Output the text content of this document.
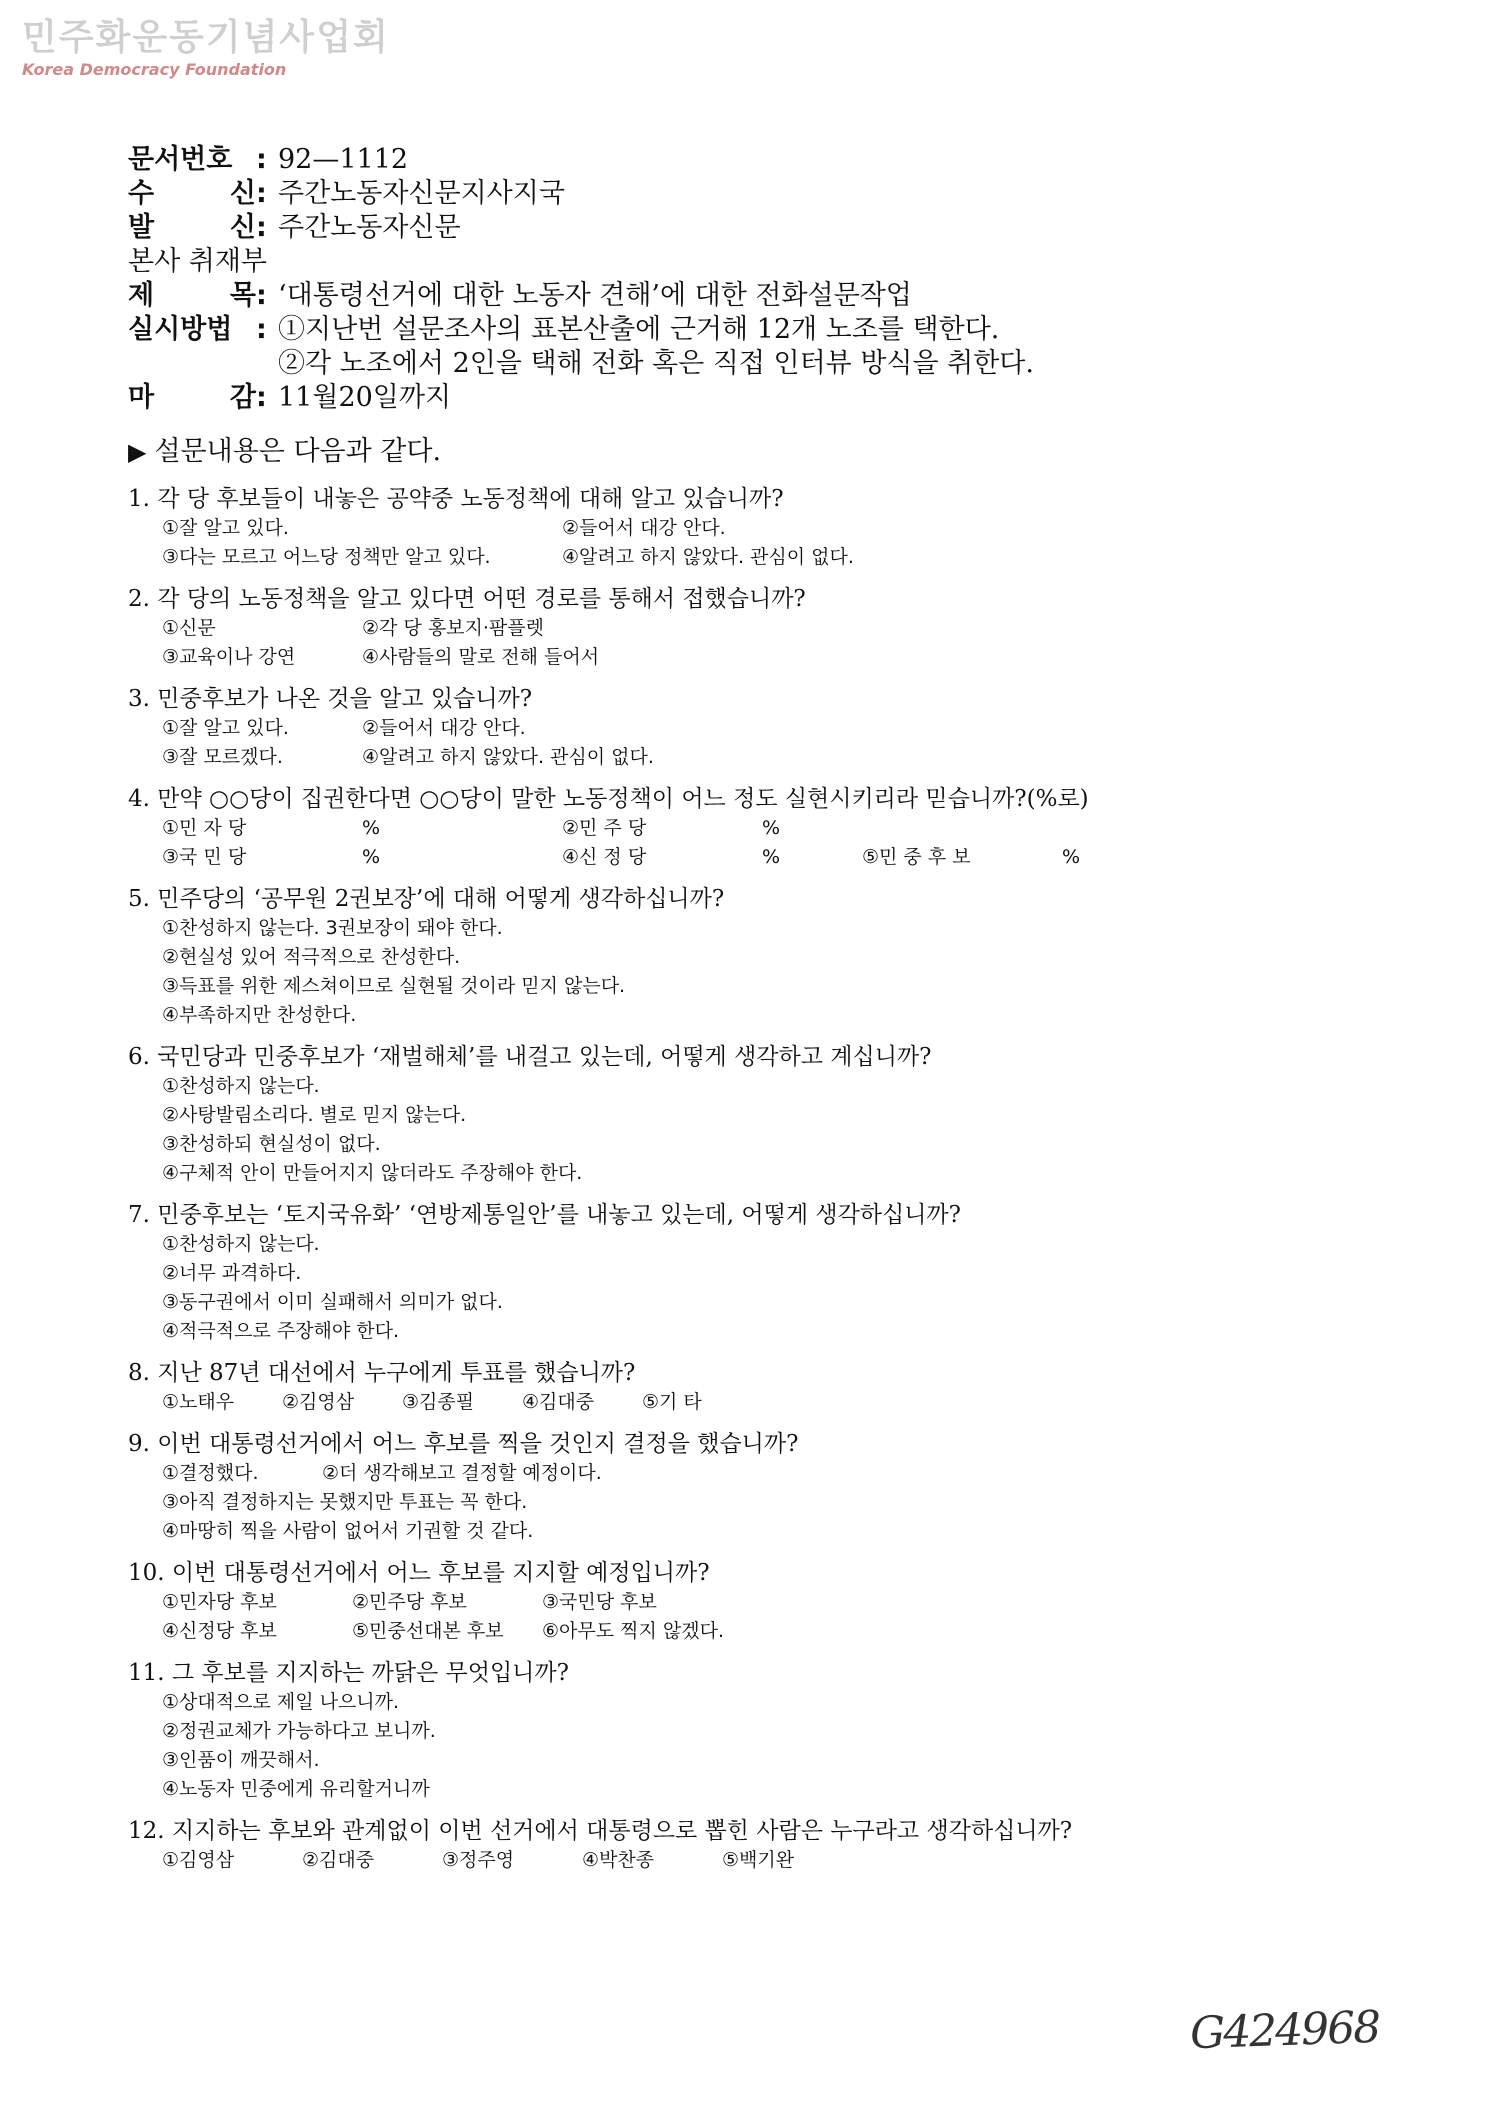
민주화운동기념사업회
Korea Democracy Foundation
문서번호 : 92—1112
수	신 : 주간노동자신문지사지국
발	신 : 주간노동자신문
본사 취재부
제	목 : ‘대통령선거에 대한 노동자 견해’에 대한 전화설문작업
실시방법 : ①지난번 설문조사의 표본산출에 근거해 12개 노조를 택한다.
②각 노조에서 2인을 택해 전화 혹은 직접 인터뷰 방식을 취한다.
마	감 : 11월20일까지
▶ 설문내용은 다음과 같다.
1. 각 당 후보들이 내놓은 공약중 노동정책에 대해 알고 있습니까?
①잘 알고 있다.	②들어서 대강 안다.
③다는 모르고 어느당 정책만 알고 있다.	④알려고 하지 않았다. 관심이 없다.
2. 각 당의 노동정책을 알고 있다면 어떤 경로를 통해서 접했습니까?
①신문	②각 당 홍보지·팜플렛
③교육이나 강연	④사람들의 말로 전해 들어서
3. 민중후보가 나온 것을 알고 있습니까?
①잘 알고 있다.	②들어서 대강 안다.
③잘 모르겠다.	④알려고 하지 않았다. 관심이 없다.
4. 만약 ○○당이 집권한다면 ○○당이 말한 노동정책이 어느 정도 실현시키리라 믿습니까?(%로)
①민 자 당	%	②민 주 당	%
③국 민 당	%	④신 정 당	%	⑤민 중 후 보	%
5. 민주당의 ‘공무원 2권보장’에 대해 어떻게 생각하십니까?
①찬성하지 않는다. 3권보장이 돼야 한다.
②현실성 있어 적극적으로 찬성한다.
③득표를 위한 제스쳐이므로 실현될 것이라 믿지 않는다.
④부족하지만 찬성한다.
6. 국민당과 민중후보가 ‘재벌해체’를 내걸고 있는데, 어떻게 생각하고 계십니까?
①찬성하지 않는다.
②사탕발림소리다. 별로 믿지 않는다.
③찬성하되 현실성이 없다.
④구체적 안이 만들어지지 않더라도 주장해야 한다.
7. 민중후보는 ‘토지국유화’ ‘연방제통일안’를 내놓고 있는데, 어떻게 생각하십니까?
①찬성하지 않는다.
②너무 과격하다.
③동구권에서 이미 실패해서 의미가 없다.
④적극적으로 주장해야 한다.
8. 지난 87년 대선에서 누구에게 투표를 했습니까?
①노태우	②김영삼	③김종필	④김대중	⑤기 타
9. 이번 대통령선거에서 어느 후보를 찍을 것인지 결정을 했습니까?
①결정했다.	②더 생각해보고 결정할 예정이다.
③아직 결정하지는 못했지만 투표는 꼭 한다.
④마땅히 찍을 사람이 없어서 기권할 것 같다.
10. 이번 대통령선거에서 어느 후보를 지지할 예정입니까?
①민자당 후보	②민주당 후보	③국민당 후보
④신정당 후보	⑤민중선대본 후보	⑥아무도 찍지 않겠다.
11. 그 후보를 지지하는 까닭은 무엇입니까?
①상대적으로 제일 나으니까.
②정권교체가 가능하다고 보니까.
③인품이 깨끗해서.
④노동자 민중에게 유리할거니까
12. 지지하는 후보와 관계없이 이번 선거에서 대통령으로 뽑힌 사람은 누구라고 생각하십니까?
①김영삼	②김대중	③정주영	④박찬종	⑤백기완
G424968
